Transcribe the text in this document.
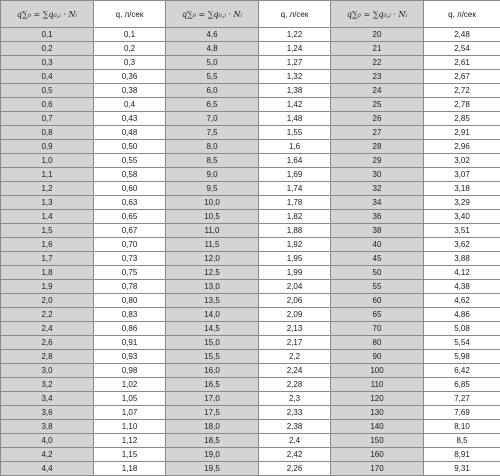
q∑₀ = ∑q₀,ᵢ · Nᵢ	q, л/сек	q∑₀ = ∑q₀,ᵢ · Nᵢ	q, л/сек	q∑₀ = ∑q₀,ᵢ · Nᵢ	q, л/сек
0,1	0,1	4,6	1,22	20	2,48
0,2	0,2	4,8	1,24	21	2,54
0,3	0,3	5,0	1,27	22	2,61
0,4	0,36	5,5	1,32	23	2,67
0,5	0,38	6,0	1,38	24	2,72
0,6	0,4	6,5	1,42	25	2,78
0,7	0,43	7,0	1,48	26	2,85
0,8	0,48	7,5	1,55	27	2,91
0,9	0,50	8,0	1,6	28	2,96
1,0	0,55	8,5	1,64	29	3,02
1,1	0,58	9,0	1,69	30	3,07
1,2	0,60	9,5	1,74	32	3,18
1,3	0,63	10,0	1,78	34	3,29
1,4	0,65	10,5	1,82	36	3,40
1,5	0,67	11,0	1,88	38	3,51
1,6	0,70	11,5	1,92	40	3,62
1,7	0,73	12,0	1,95	45	3,88
1,8	0,75	12,5	1,99	50	4,12
1,9	0,78	13,0	2,04	55	4,38
2,0	0,80	13,5	2,06	60	4,62
2,2	0,83	14,0	2,09	65	4,86
2,4	0,86	14,5	2,13	70	5,08
2,6	0,91	15,0	2,17	80	5,54
2,8	0,93	15,5	2,2	90	5,98
3,0	0,98	16,0	2,24	100	6,42
3,2	1,02	16,5	2,28	110	6,85
3,4	1,05	17,0	2,3	120	7,27
3,6	1,07	17,5	2,33	130	7,69
3,8	1,10	18,0	2,38	140	8,10
4,0	1,12	18,5	2,4	150	8,5
4,2	1,15	19,0	2,42	160	8,91
4,4	1,18	19,5	2,26	170	9,31
